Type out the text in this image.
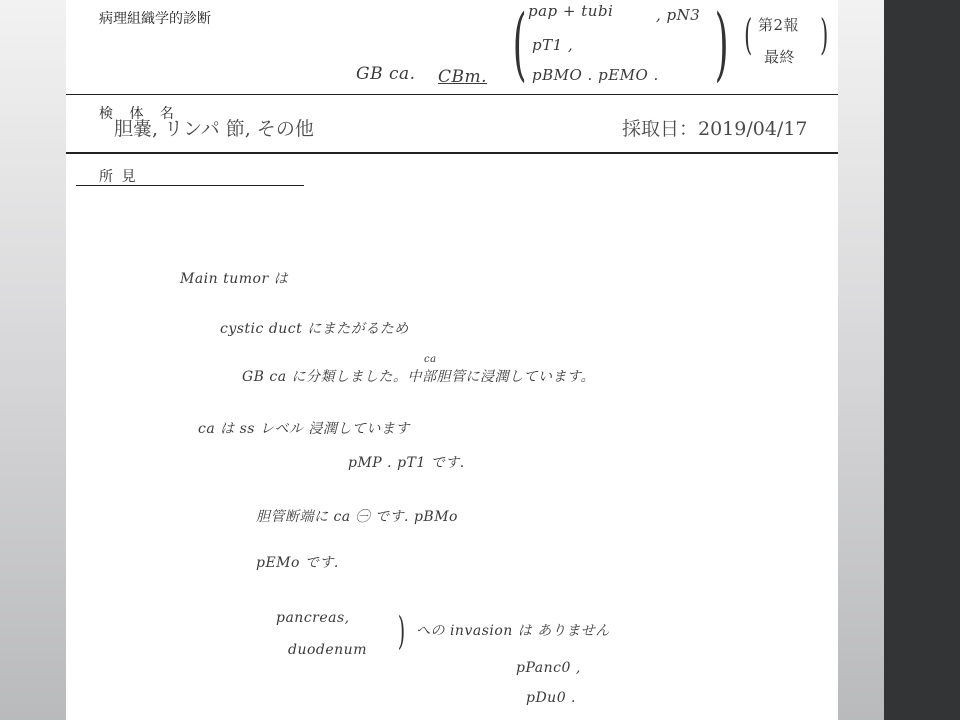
病理組織学的診断
GB ca. CBm. ( pap + tubi	, pN3
pT1 ,
pBMO . pEMO . ) ( 第2報
最終 )
検 体 名
胆嚢, リンパ 節, その他	採取日：2019/04/17
所 見
Main tumor は
cystic duct にまたがるため
ca
GB ca に分類しました。中部胆管に浸潤しています。
ca は ss レベル 浸潤しています
pMP . pT1 です.
胆管断端に ca ㊀ です. pBMo
pEMo です.
pancreas,
duodenum ) への invasion は ありません
pPanc0 ,
pDu0 .
